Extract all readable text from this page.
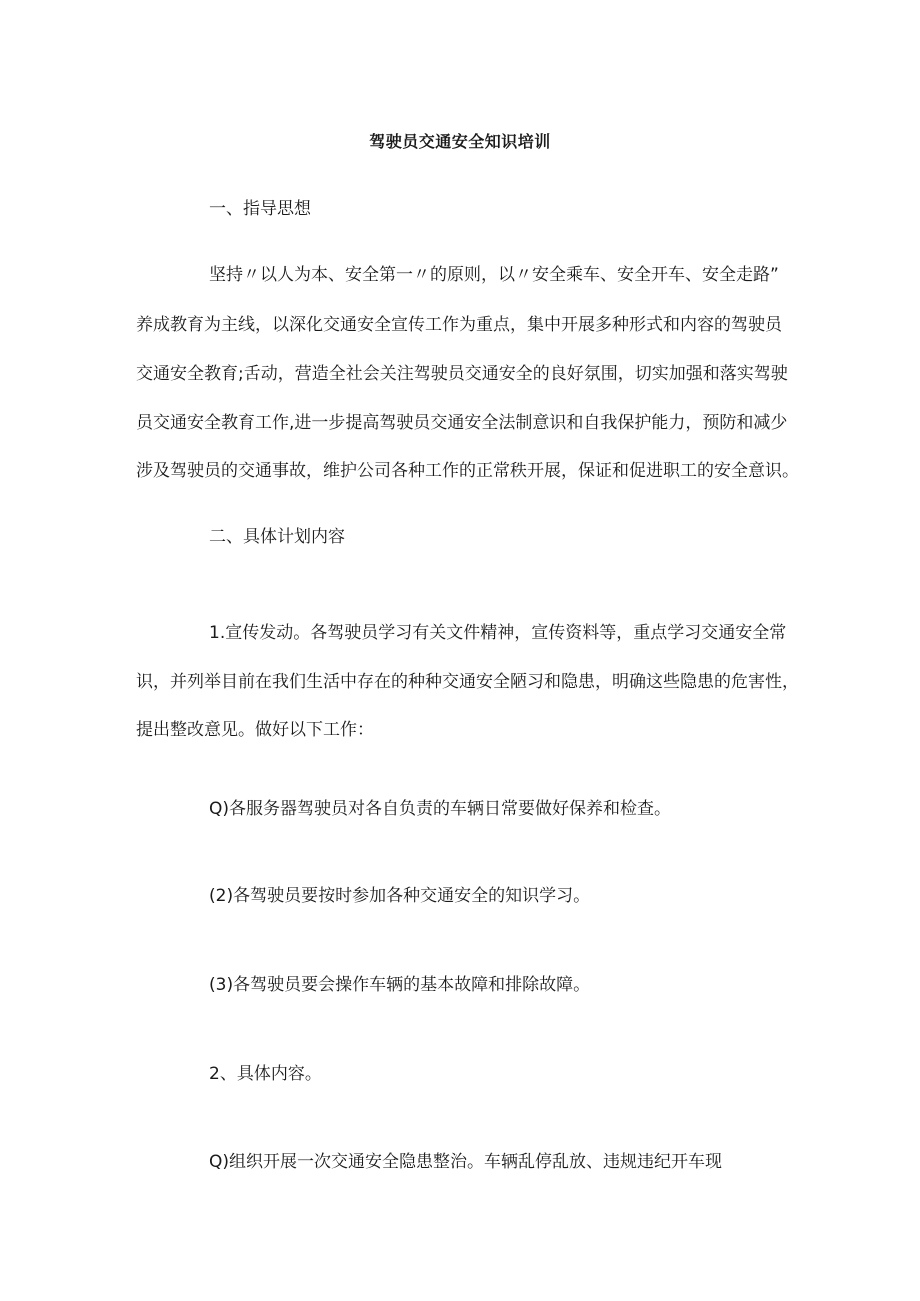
驾驶员交通安全知识培训
一、指导思想
坚持〃以人为本、安全第一〃的原则，以〃安全乘车、安全开车、安全走路”
养成教育为主线，以深化交通安全宣传工作为重点，集中开展多种形式和内容的驾驶员
交通安全教育;舌动，营造全社会关注驾驶员交通安全的良好氛围，切实加强和落实驾驶
员交通安全教育工作,进一步提高驾驶员交通安全法制意识和自我保护能力，预防和减少
涉及驾驶员的交通事故，维护公司各种工作的正常秩开展，保证和促进职工的安全意识。
二、具体计划内容
1.宣传发动。各驾驶员学习有关文件精神，宣传资料等，重点学习交通安全常
识，并列举目前在我们生活中存在的种种交通安全陋习和隐患，明确这些隐患的危害性，
提出整改意见。做好以下工作：
Q)各服务器驾驶员对各自负责的车辆日常要做好保养和检查。
(2)各驾驶员要按时参加各种交通安全的知识学习。
(3)各驾驶员要会操作车辆的基本故障和排除故障。
2、具体内容。
Q)组织开展一次交通安全隐患整治。车辆乱停乱放、违规违纪开车现
